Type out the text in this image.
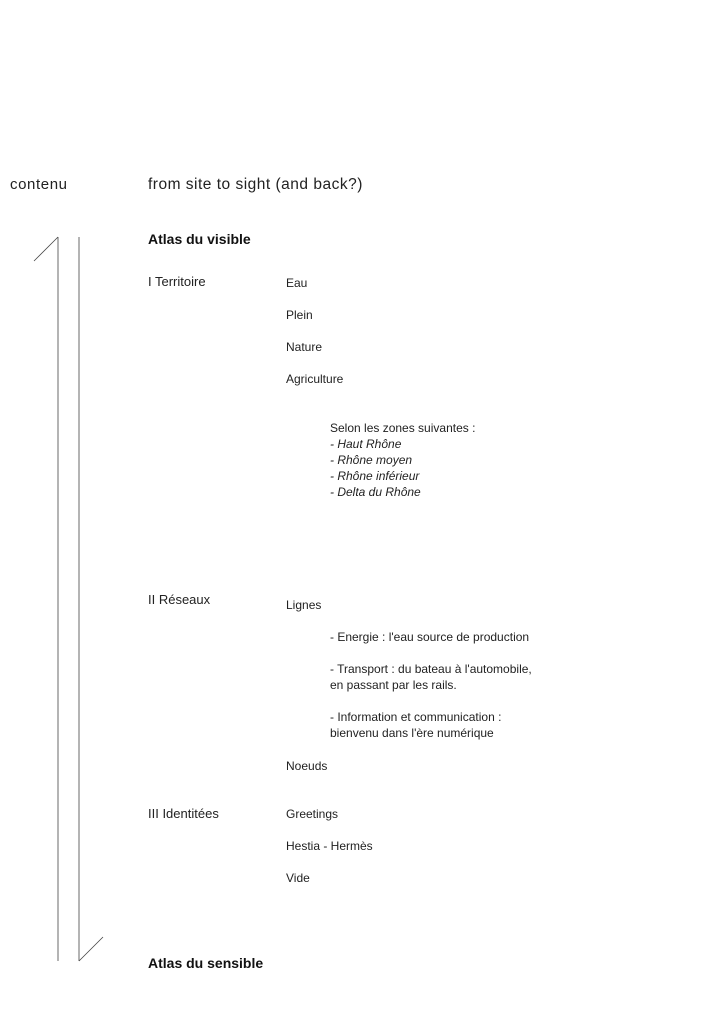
contenu	from site to sight (and back?)
Atlas du visible
I Territoire	Eau
Plein
Nature
Agriculture
Selon les zones suivantes :
- Haut Rhône
- Rhône moyen
- Rhône inférieur
- Delta du Rhône
II Réseaux	Lignes
- Energie : l'eau source de production
- Transport : du bateau à l'automobile,
en passant par les rails.
- Information et communication :
bienvenu dans l'ère numérique
Noeuds
III Identitées	Greetings
Hestia - Hermès
Vide
Atlas du sensible
